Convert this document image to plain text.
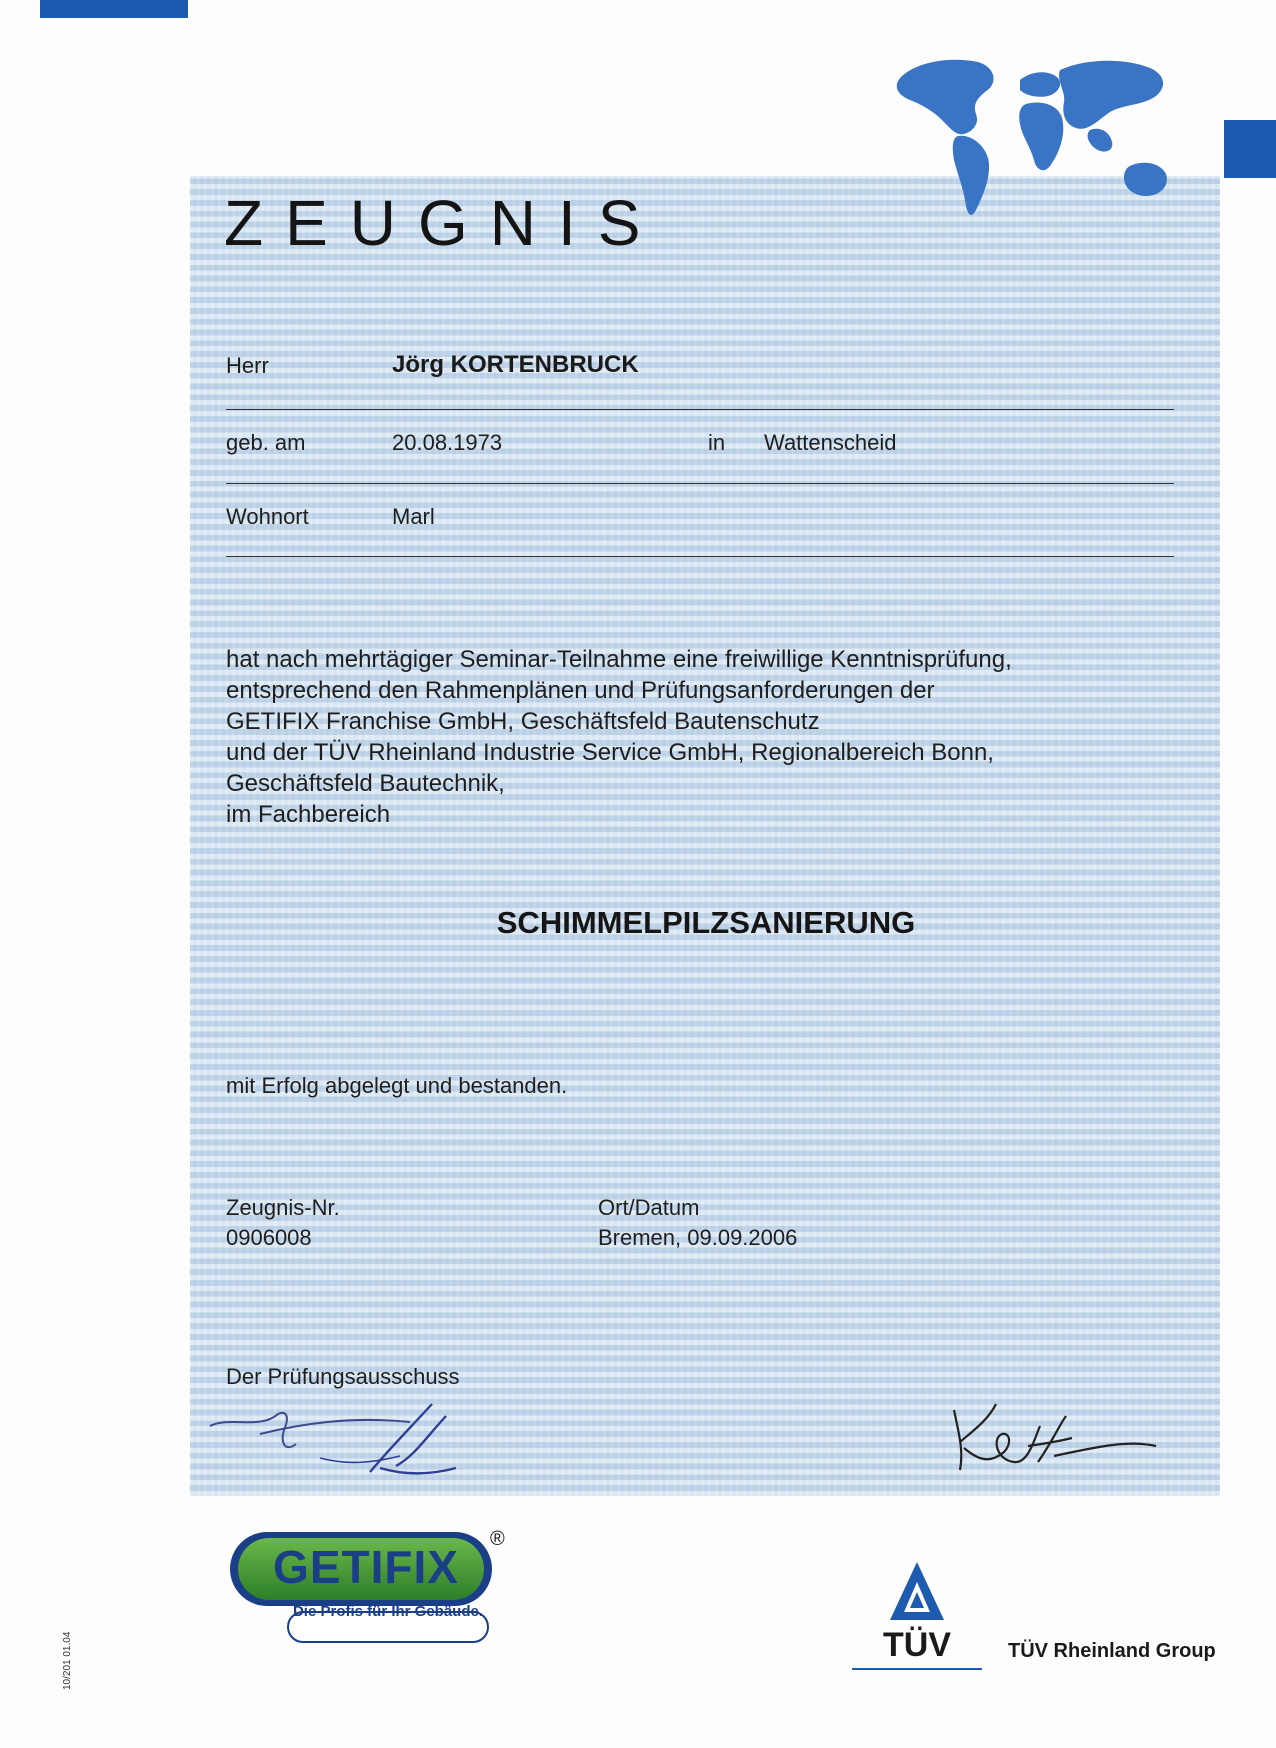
ZEUGNIS
Herr	Jörg KORTENBRUCK
geb. am	20.08.1973	in Wattenscheid
Wohnort	Marl
hat nach mehrtägiger Seminar-Teilnahme eine freiwillige Kenntnisprüfung,
entsprechend den Rahmenplänen und Prüfungsanforderungen der
GETIFIX Franchise GmbH, Geschäftsfeld Bautenschutz
und der TÜV Rheinland Industrie Service GmbH, Regionalbereich Bonn,
Geschäftsfeld Bautechnik,
im Fachbereich
SCHIMMELPILZSANIERUNG
mit Erfolg abgelegt und bestanden.
Zeugnis-Nr.
0906008
Ort/Datum
Bremen, 09.09.2006
Der Prüfungsausschuss
GETIFIX
Die Profis für Ihr Gebäude.
®
10/201 01.04	TÜV	TÜV Rheinland Group
